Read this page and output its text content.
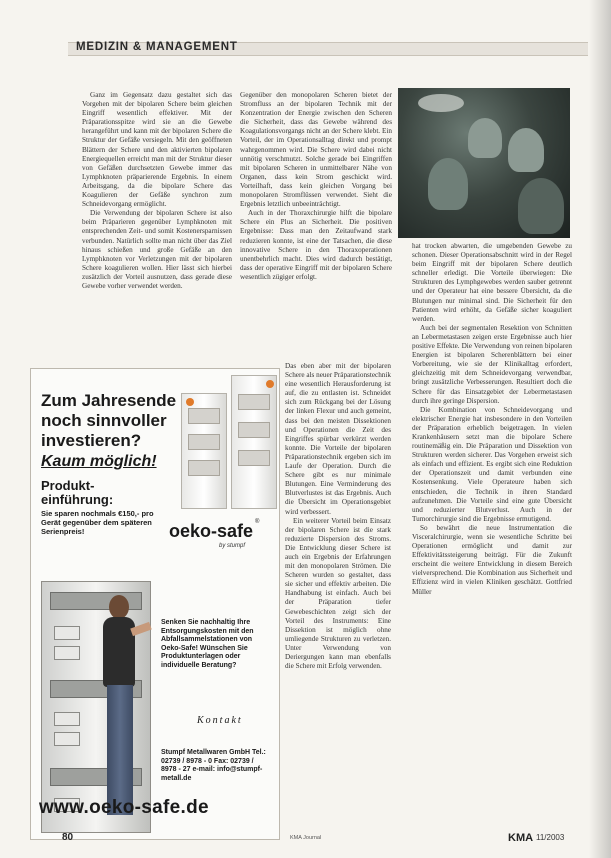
MEDIZIN & MANAGEMENT

Ganz im Gegensatz dazu gestaltet sich das Vorgehen mit der bipolaren Schere beim gleichen Eingriff wesentlich effektiver. Mit der Präparationsspitze wird sie an die Gewebe herangeführt und kann mit der bipolaren Schere die Struktur der Gefäße versiegeln. Mit den geöffneten Blättern der Schere und den aktivierten bipolaren Energiequellen erreicht man mit der Struktur dieser von Gefäßen durchsetzten Gewebe immer das Lymphknoten präparierende Ergebnis. In einem Arbeitsgang, da die bipolare Schere das Koagulieren der Gefäße synchron zum Schneidevorgang ermöglicht.

Die Verwendung der bipolaren Schere ist also beim Präparieren gegenüber Lymphknoten mit entsprechenden Zeit- und somit Kostenersparnissen verbunden. Natürlich sollte man nicht über das Ziel hinaus schießen und große Gefäße an den Lymphknoten vor Verletzungen mit der bipolaren Schere koagulieren wollen. Hier lässt sich hierbei zusätzlich der Vorteil ausnutzen, dass gerade diese Gewebe vorher verwendet werden.

Gegenüber den monopolaren Scheren bietet der Stromfluss an der bipolaren Technik mit der Konzentration der Energie zwischen den Scheren die Sicherheit, dass das Gewebe während des Koagulationsvorgangs nicht an der Schere klebt. Ein Vorteil, der im Operationsalltag direkt und prompt wahrgenommen wird. Die Schere wird dabei nicht unnötig verschmutzt. Solche gerade bei Eingriffen mit bipolaren Scheren in unmittelbarer Nähe von Organen, dass kein Strom geschickt wird. Vorteilhaft, dass kein gleichen Vorgang bei monopolaren Stromflüssen verwendet. Sieht die Ergebnis letztlich unbeeinträchtigt.

Auch in der Thoraxchirurgie hilft die bipolare Schere ein Plus an Sicherheit. Die positiven Ergebnisse: Dass man den Zeitaufwand stark reduzieren konnte, ist eine der Tatsachen, die diese innovative Schere in den Thoraxoperationen unentbehrlich macht. Dies wird dadurch bestätigt, dass der operative Eingriff mit der bipolaren Schere wesentlich zügiger erfolgt.

Das eben aber mit der bipolaren Schere als neuer Präparationstechnik eine wesentlich Herausforderung ist auf, die zu entlasten ist. Schneidet sich zum Rückgang bei der Lösung der linken Flexur und auch gemeint, dass bei den meisten Dissektionen und Operationen die Zeit des Eingriffes spürbar verkürzt werden konnte. Die Vorteile der bipolaren Präparationstechnik ergeben sich im Laufe der Operation. Durch die Schere gibt es nur minimale Blutungen. Eine Verminderung des Blutverlustes ist das Ergebnis. Auch die Übersicht im Operationsgebiet wird verbessert.

Ein weiterer Vorteil beim Einsatz der bipolaren Schere ist die stark reduzierte Dispersion des Stroms. Die Entwicklung dieser Schere ist auch ein Ergebnis der Erfahrungen mit den monopolaren Strömen. Die Scheren wurden so gestaltet, dass sie sicher und effektiv arbeiten. Die Handhabung ist einfach. Auch bei der Präparation tiefer Gewebeschichten zeigt sich der Vorteil des Instruments: Eine Dissektion ist möglich ohne umliegende Strukturen zu verletzen. Unter Verwendung von Deriergungen kann man ebenfalls die Schere mit Erfolg verwenden.

hat trocken abwarten, die umgebenden Gewebe zu schonen. Dieser Operationsabschnitt wird in der Regel beim Eingriff mit der bipolaren Schere deutlich schneller erledigt. Die Vorteile überwiegen: Die Strukturen des Lymphgewebes werden sauber getrennt und der Operateur hat eine bessere Übersicht, da die Blutungen nur minimal sind. Die Sicherheit für den Patienten wird erhöht, da Gefäße sicher koaguliert werden.

Auch bei der segmentalen Resektion von Schnitten an Lebermetastasen zeigen erste Ergebnisse auch hier positive Effekte. Die Verwendung von reinen bipolaren Energien ist bipolaren Scherenblättern bei einer Vorbereitung, wie sie der Klinikalltag erfordert, gleichzeitig mit dem Schneidevorgang verwendbar, bringt zusätzliche Verbesserungen. Resultiert doch die Schere für das Einsatzgebiet der Lebermetastasen durch ihre geringe Dispersion.

Die Kombination von Schneidevorgang und elektrischer Energie hat insbesondere in den Vorteilen der Präparation erheblich beigetragen. In vielen Krankenhäusern setzt man die bipolare Schere routinemäßig ein. Die Präparation und Dissektion von Strukturen werden sicherer. Das Vorgehen erweist sich als einfach und effizient. Es ergibt sich eine Reduktion der Operationszeit und damit verbunden eine Kostensenkung. Viele Operateure haben sich entschieden, die Technik in ihren Standard aufzunehmen. Die Vorteile sind eine gute Übersicht und reduzierter Blutverlust. Auch in der Tumorchirurgie sind die Ergebnisse ermutigend.

So bewährt die neue Instrumentation die Visceralchirurgie, wenn sie wesentliche Schritte bei Operationen ermöglicht und damit zur Effektivitätssteigerung beiträgt. Für die Zukunft erscheint die weitere Entwicklung in diesem Bereich vielversprechend. Die Kombination aus Sicherheit und Effizienz wird in vielen Kliniken geschätzt. Gottfried Müller

Zum Jahresende
noch sinnvoller
investieren?
Kaum möglich!
Produkt-
einführung:
Sie sparen nochmals €150,- pro Gerät gegenüber dem späteren Serienpreis!	oeko-safe ®
by stumpf
Senken Sie nachhaltig Ihre Entsorgungskosten mit den Abfallsammelstationen von Oeko-Safe! Wünschen Sie Produktunterlagen oder individuelle Beratung?
Kontakt
Stumpf Metallwaren GmbH Tel.: 02739 / 8978 - 0 Fax: 02739 / 8978 - 27 e-mail: info@stumpf-metall.de
www.oeko-safe.de
80	KMA Journal	KMA 11/2003
